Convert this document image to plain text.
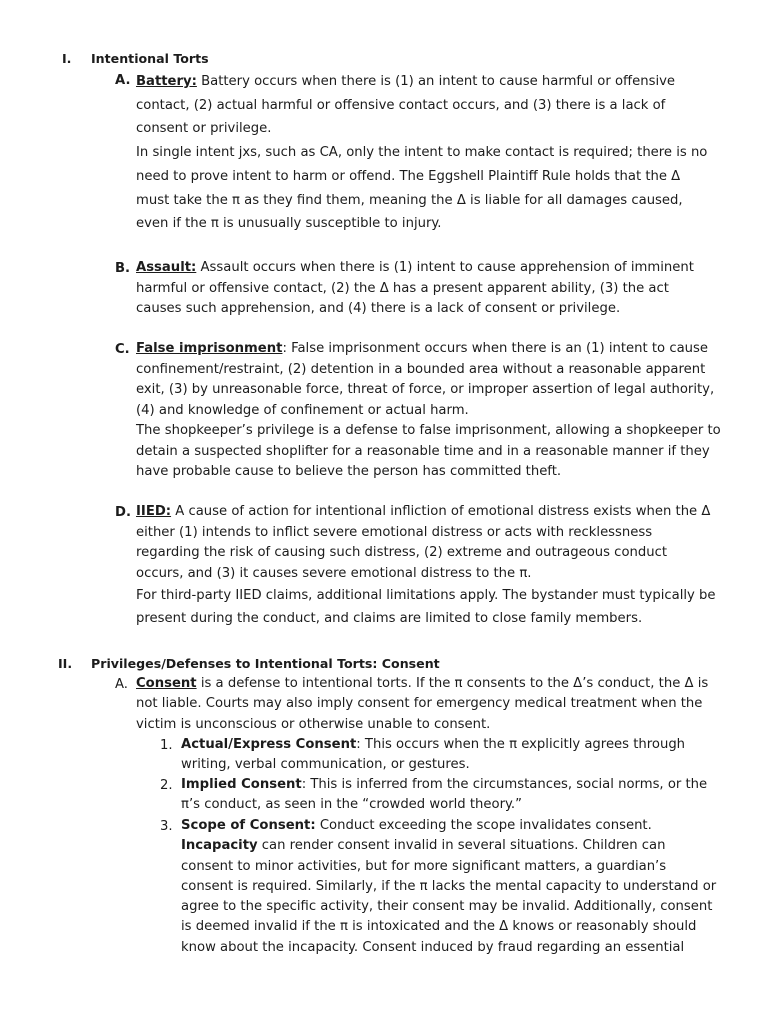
I. Intentional Torts
A. Battery: Battery occurs when there is (1) an intent to cause harmful or offensive contact, (2) actual harmful or offensive contact occurs, and (3) there is a lack of consent or privilege.

In single intent jxs, such as CA, only the intent to make contact is required; there is no need to prove intent to harm or offend. The Eggshell Plaintiff Rule holds that the Δ must take the π as they find them, meaning the Δ is liable for all damages caused, even if the π is unusually susceptible to injury.

B. Assault: Assault occurs when there is (1) intent to cause apprehension of imminent harmful or offensive contact, (2) the Δ has a present apparent ability, (3) the act causes such apprehension, and (4) there is a lack of consent or privilege.

C. False imprisonment: False imprisonment occurs when there is an (1) intent to cause confinement/restraint, (2) detention in a bounded area without a reasonable apparent exit, (3) by unreasonable force, threat of force, or improper assertion of legal authority, (4) and knowledge of confinement or actual harm.

The shopkeeper’s privilege is a defense to false imprisonment, allowing a shopkeeper to detain a suspected shoplifter for a reasonable time and in a reasonable manner if they have probable cause to believe the person has committed theft.

D. IIED: A cause of action for intentional infliction of emotional distress exists when the Δ either (1) intends to inflict severe emotional distress or acts with recklessness regarding the risk of causing such distress, (2) extreme and outrageous conduct occurs, and (3) it causes severe emotional distress to the π.

For third-party IIED claims, additional limitations apply. The bystander must typically be present during the conduct, and claims are limited to close family members.

II. Privileges/Defenses to Intentional Torts: Consent
A. Consent is a defense to intentional torts. If the π consents to the Δ’s conduct, the Δ is not liable. Courts may also imply consent for emergency medical treatment when the victim is unconscious or otherwise unable to consent.

1. Actual/Express Consent: This occurs when the π explicitly agrees through writing, verbal communication, or gestures.

2. Implied Consent: This is inferred from the circumstances, social norms, or the π’s conduct, as seen in the “crowded world theory.”

3. Scope of Consent: Conduct exceeding the scope invalidates consent.

Incapacity can render consent invalid in several situations. Children can consent to minor activities, but for more significant matters, a guardian’s consent is required. Similarly, if the π lacks the mental capacity to understand or agree to the specific activity, their consent may be invalid. Additionally, consent is deemed invalid if the π is intoxicated and the Δ knows or reasonably should know about the incapacity. Consent induced by fraud regarding an essential
